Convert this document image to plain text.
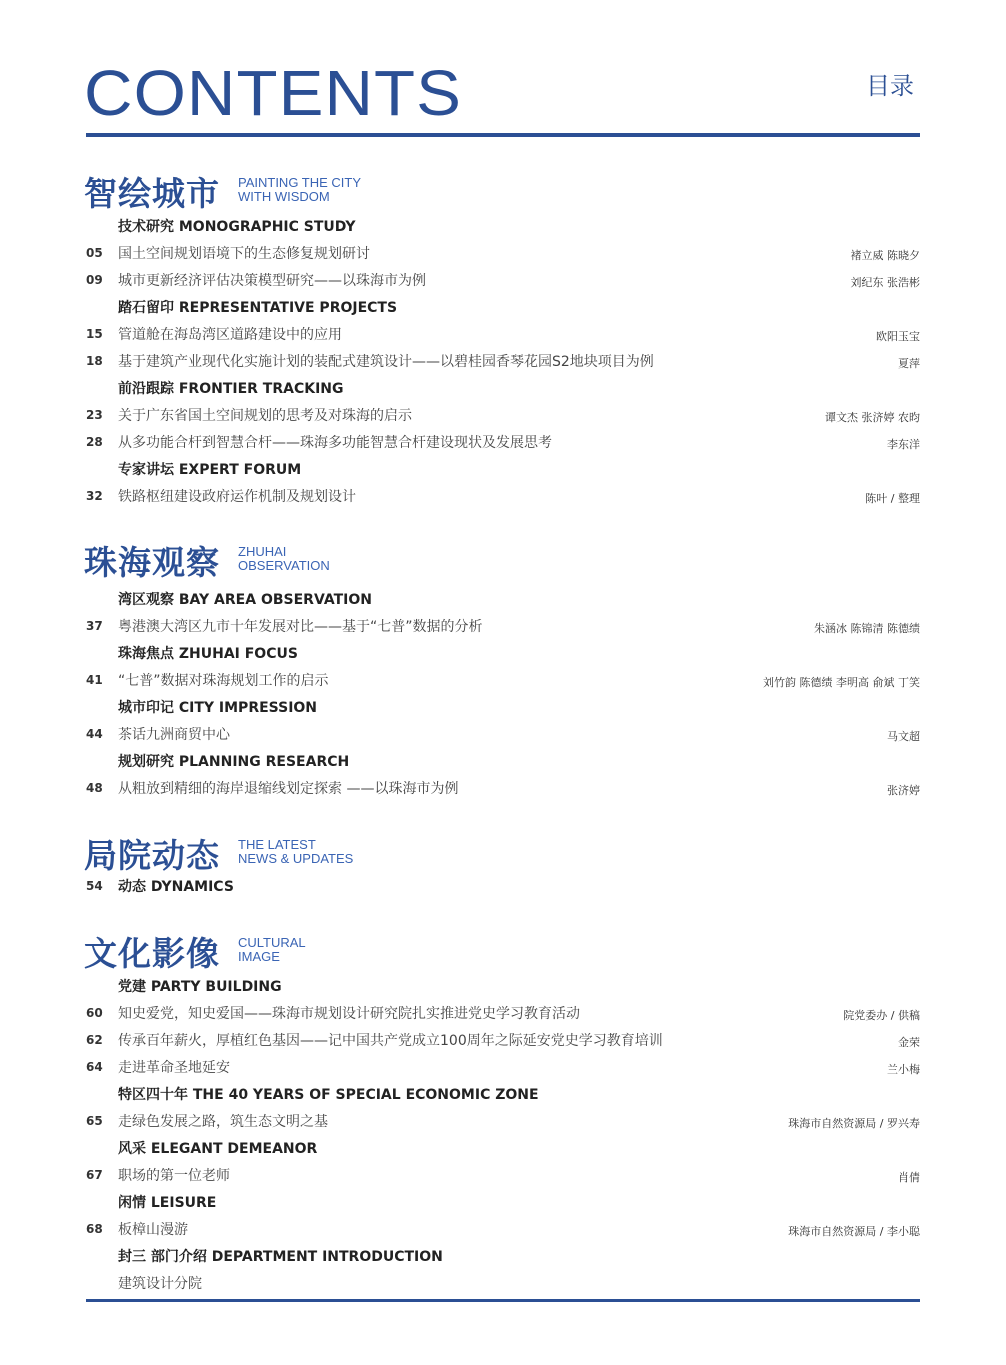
CONTENTS	目录
智绘城市 PAINTING THE CITY
WITH WISDOM
技术研究 MONOGRAPHIC STUDY
05 国土空间规划语境下的生态修复规划研讨	褚立威 陈晓夕
09 城市更新经济评估决策模型研究——以珠海市为例	刘纪东 张浩彬
踏石留印 REPRESENTATIVE PROJECTS
15 管道舱在海岛湾区道路建设中的应用	欧阳玉宝
18 基于建筑产业现代化实施计划的装配式建筑设计——以碧桂园香琴花园S2地块项目为例	夏萍
前沿跟踪 FRONTIER TRACKING
23 关于广东省国土空间规划的思考及对珠海的启示	谭文杰 张济婷 农昀
28 从多功能合杆到智慧合杆——珠海多功能智慧合杆建设现状及发展思考	李东洋
专家讲坛 EXPERT FORUM
32 铁路枢纽建设政府运作机制及规划设计	陈叶 / 整理
珠海观察 ZHUHAI
OBSERVATION
湾区观察 BAY AREA OBSERVATION
37 粤港澳大湾区九市十年发展对比——基于“七普”数据的分析	朱涵冰 陈锦清 陈德绩
珠海焦点 ZHUHAI FOCUS
41 “七普”数据对珠海规划工作的启示	刘竹韵 陈德绩 李明高 俞斌 丁笑
城市印记 CITY IMPRESSION
44 茶话九洲商贸中心	马文超
规划研究 PLANNING RESEARCH
48 从粗放到精细的海岸退缩线划定探索 ——以珠海市为例	张济婷
局院动态 THE LATEST
NEWS & UPDATES
54 动态 DYNAMICS
文化影像 CULTURAL
IMAGE
党建 PARTY BUILDING
60 知史爱党，知史爱国——珠海市规划设计研究院扎实推进党史学习教育活动	院党委办 / 供稿
62 传承百年薪火，厚植红色基因——记中国共产党成立100周年之际延安党史学习教育培训	金荣
64 走进革命圣地延安	兰小梅
特区四十年 THE 40 YEARS OF SPECIAL ECONOMIC ZONE
65 走绿色发展之路，筑生态文明之基	珠海市自然资源局 / 罗兴寿
风采 ELEGANT DEMEANOR
67 职场的第一位老师	肖倩
闲情 LEISURE
68 板樟山漫游	珠海市自然资源局 / 李小聪
封三 部门介绍 DEPARTMENT INTRODUCTION
建筑设计分院
